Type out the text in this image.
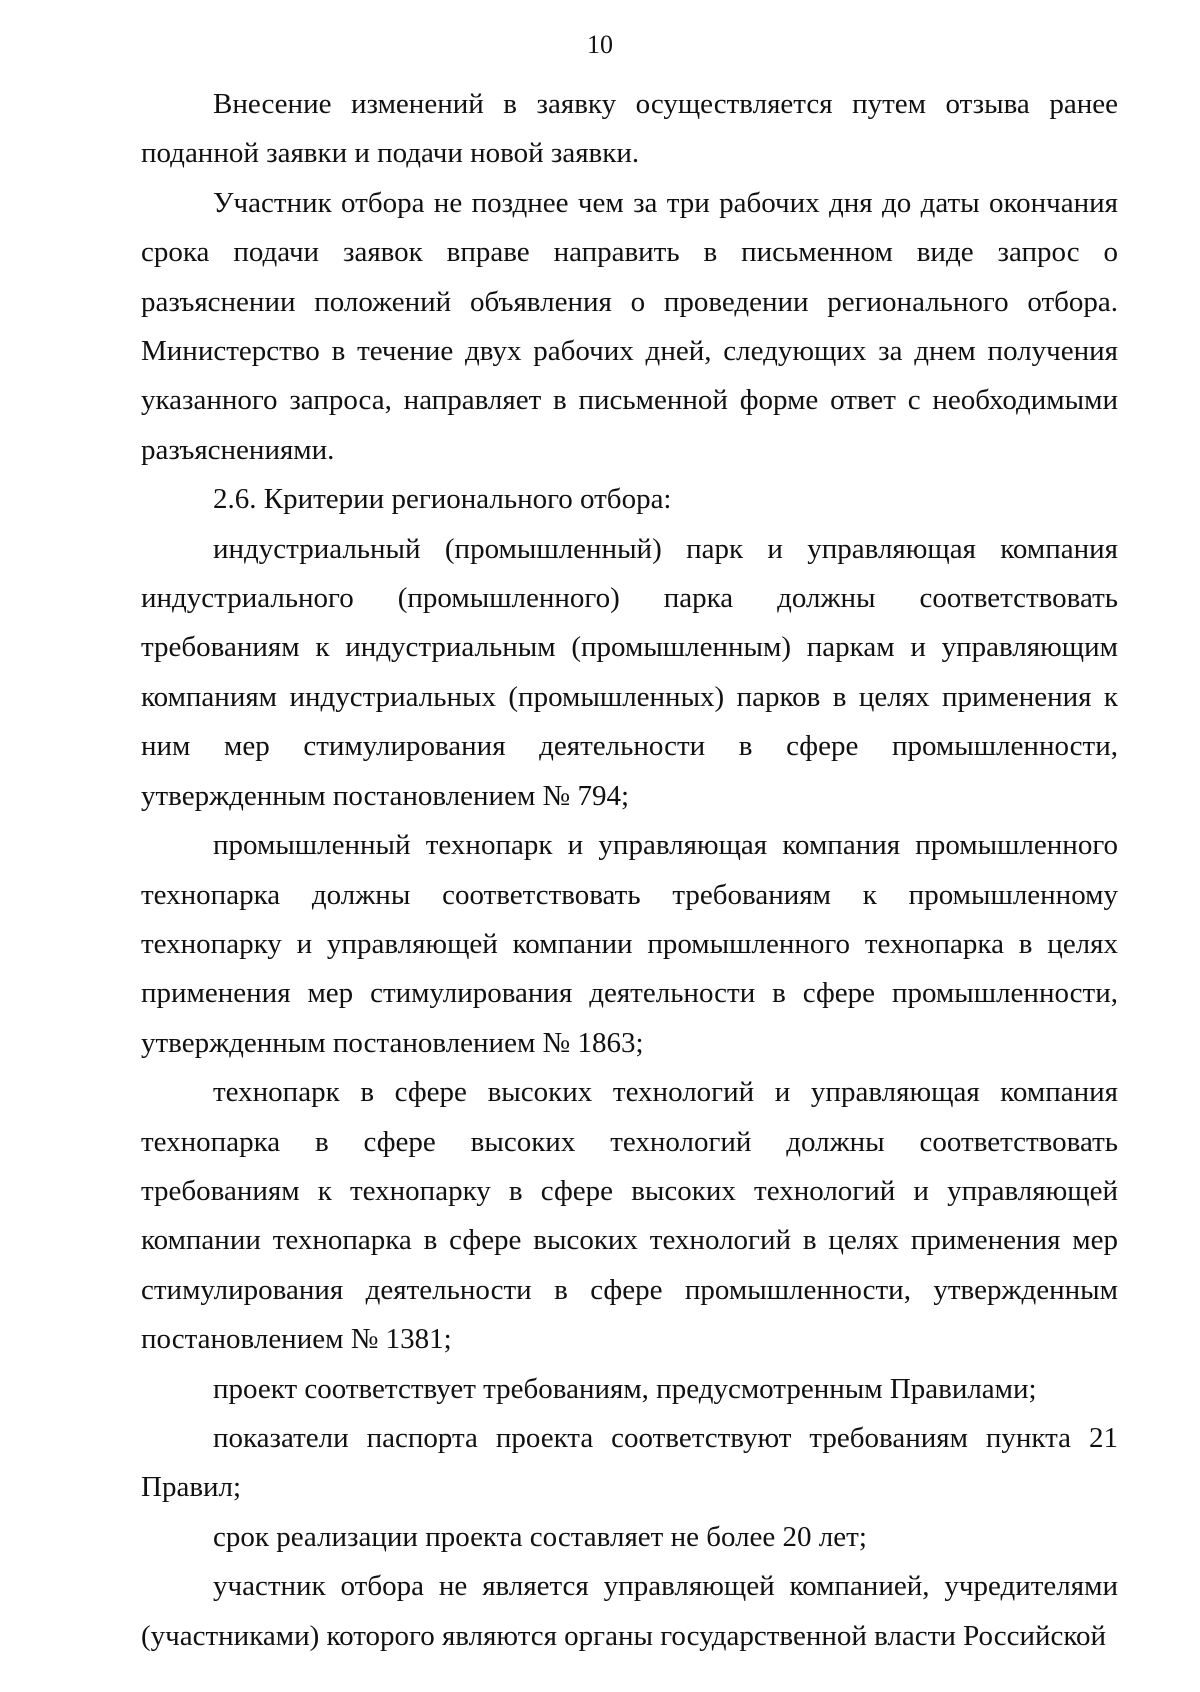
10

Внесение изменений в заявку осуществляется путем отзыва ранее поданной заявки и подачи новой заявки.

Участник отбора не позднее чем за три рабочих дня до даты окончания срока подачи заявок вправе направить в письменном виде запрос о разъяснении положений объявления о проведении регионального отбора. Министерство в течение двух рабочих дней, следующих за днем получения указанного запроса, направляет в письменной форме ответ с необходимыми разъяснениями.

2.6. Критерии регионального отбора:

индустриальный (промышленный) парк и управляющая компания индустриального (промышленного) парка должны соответствовать требованиям к индустриальным (промышленным) паркам и управляющим компаниям индустриальных (промышленных) парков в целях применения к ним мер стимулирования деятельности в сфере промышленности, утвержденным постановлением № 794;

промышленный технопарк и управляющая компания промышленного технопарка должны соответствовать требованиям к промышленному технопарку и управляющей компании промышленного технопарка в целях применения мер стимулирования деятельности в сфере промышленности, утвержденным постановлением № 1863;

технопарк в сфере высоких технологий и управляющая компания технопарка в сфере высоких технологий должны соответствовать требованиям к технопарку в сфере высоких технологий и управляющей компании технопарка в сфере высоких технологий в целях применения мер стимулирования деятельности в сфере промышленности, утвержденным постановлением № 1381;

проект соответствует требованиям, предусмотренным Правилами;

показатели паспорта проекта соответствуют требованиям пункта 21 Правил;

срок реализации проекта составляет не более 20 лет;

участник отбора не является управляющей компанией, учредителями (участниками) которого являются органы государственной власти Российской
